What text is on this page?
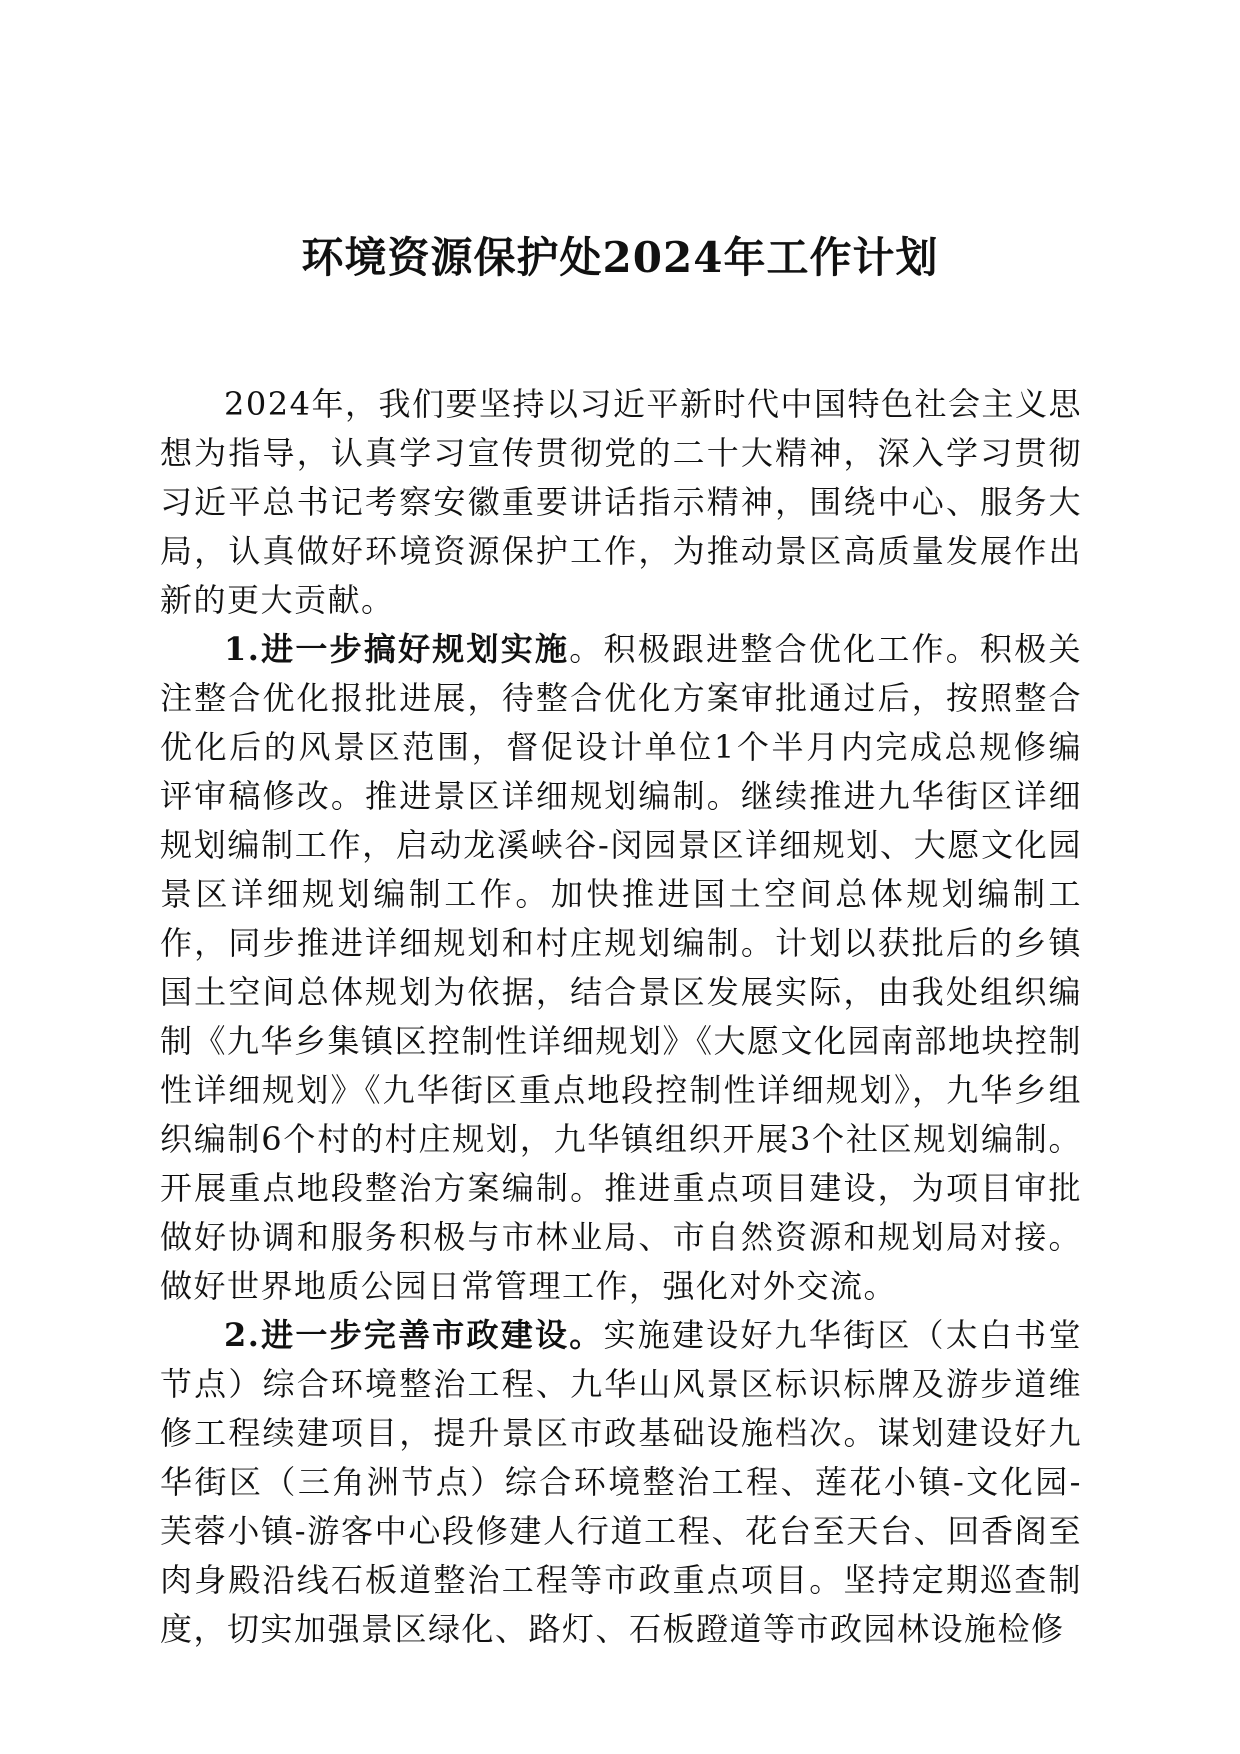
环境资源保护处2024年工作计划

2024年，我们要坚持以习近平新时代中国特色社会主义思想为指导，认真学习宣传贯彻党的二十大精神，深入学习贯彻习近平总书记考察安徽重要讲话指示精神，围绕中心、服务大局，认真做好环境资源保护工作，为推动景区高质量发展作出新的更大贡献。

1.进一步搞好规划实施。积极跟进整合优化工作。积极关注整合优化报批进展，待整合优化方案审批通过后，按照整合优化后的风景区范围，督促设计单位1个半月内完成总规修编评审稿修改。推进景区详细规划编制。继续推进九华街区详细规划编制工作，启动龙溪峡谷-闵园景区详细规划、大愿文化园景区详细规划编制工作。加快推进国土空间总体规划编制工作，同步推进详细规划和村庄规划编制。计划以获批后的乡镇国土空间总体规划为依据，结合景区发展实际，由我处组织编制《九华乡集镇区控制性详细规划》《大愿文化园南部地块控制性详细规划》《九华街区重点地段控制性详细规划》，九华乡组织编制6个村的村庄规划，九华镇组织开展3个社区规划编制。开展重点地段整治方案编制。推进重点项目建设，为项目审批做好协调和服务积极与市林业局、市自然资源和规划局对接。做好世界地质公园日常管理工作，强化对外交流。

2.进一步完善市政建设。实施建设好九华街区（太白书堂节点）综合环境整治工程、九华山风景区标识标牌及游步道维修工程续建项目，提升景区市政基础设施档次。谋划建设好九华街区（三角洲节点）综合环境整治工程、莲花小镇-文化园-芙蓉小镇-游客中心段修建人行道工程、花台至天台、回香阁至肉身殿沿线石板道整治工程等市政重点项目。坚持定期巡查制度，切实加强景区绿化、路灯、石板蹬道等市政园林设施检修
